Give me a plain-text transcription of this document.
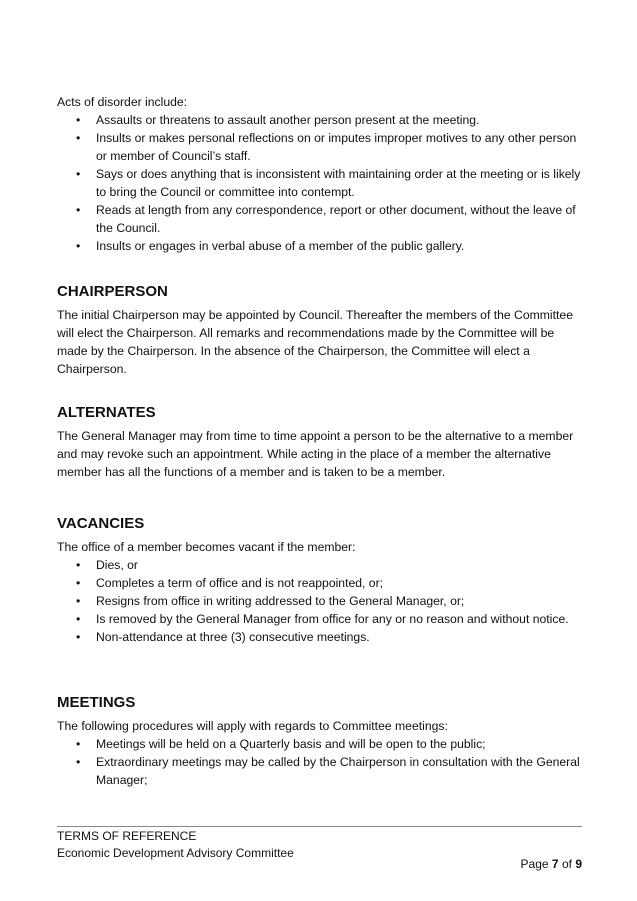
Acts of disorder include:

• Assaults or threatens to assault another person present at the meeting.
• Insults or makes personal reflections on or imputes improper motives to any other person or member of Council’s staff.
• Says or does anything that is inconsistent with maintaining order at the meeting or is likely to bring the Council or committee into contempt.
• Reads at length from any correspondence, report or other document, without the leave of the Council.
• Insults or engages in verbal abuse of a member of the public gallery.
CHAIRPERSON

The initial Chairperson may be appointed by Council. Thereafter the members of the Committee will elect the Chairperson. All remarks and recommendations made by the Committee will be made by the Chairperson. In the absence of the Chairperson, the Committee will elect a Chairperson.

ALTERNATES

The General Manager may from time to time appoint a person to be the alternative to a member and may revoke such an appointment. While acting in the place of a member the alternative member has all the functions of a member and is taken to be a member.

VACANCIES

The office of a member becomes vacant if the member:

• Dies, or
• Completes a term of office and is not reappointed, or;
• Resigns from office in writing addressed to the General Manager, or;
• Is removed by the General Manager from office for any or no reason and without notice.
• Non-attendance at three (3) consecutive meetings.
MEETINGS

The following procedures will apply with regards to Committee meetings:

• Meetings will be held on a Quarterly basis and will be open to the public;
• Extraordinary meetings may be called by the Chairperson in consultation with the General Manager;
TERMS OF REFERENCE
Economic Development Advisory Committee
Page 7 of 9
